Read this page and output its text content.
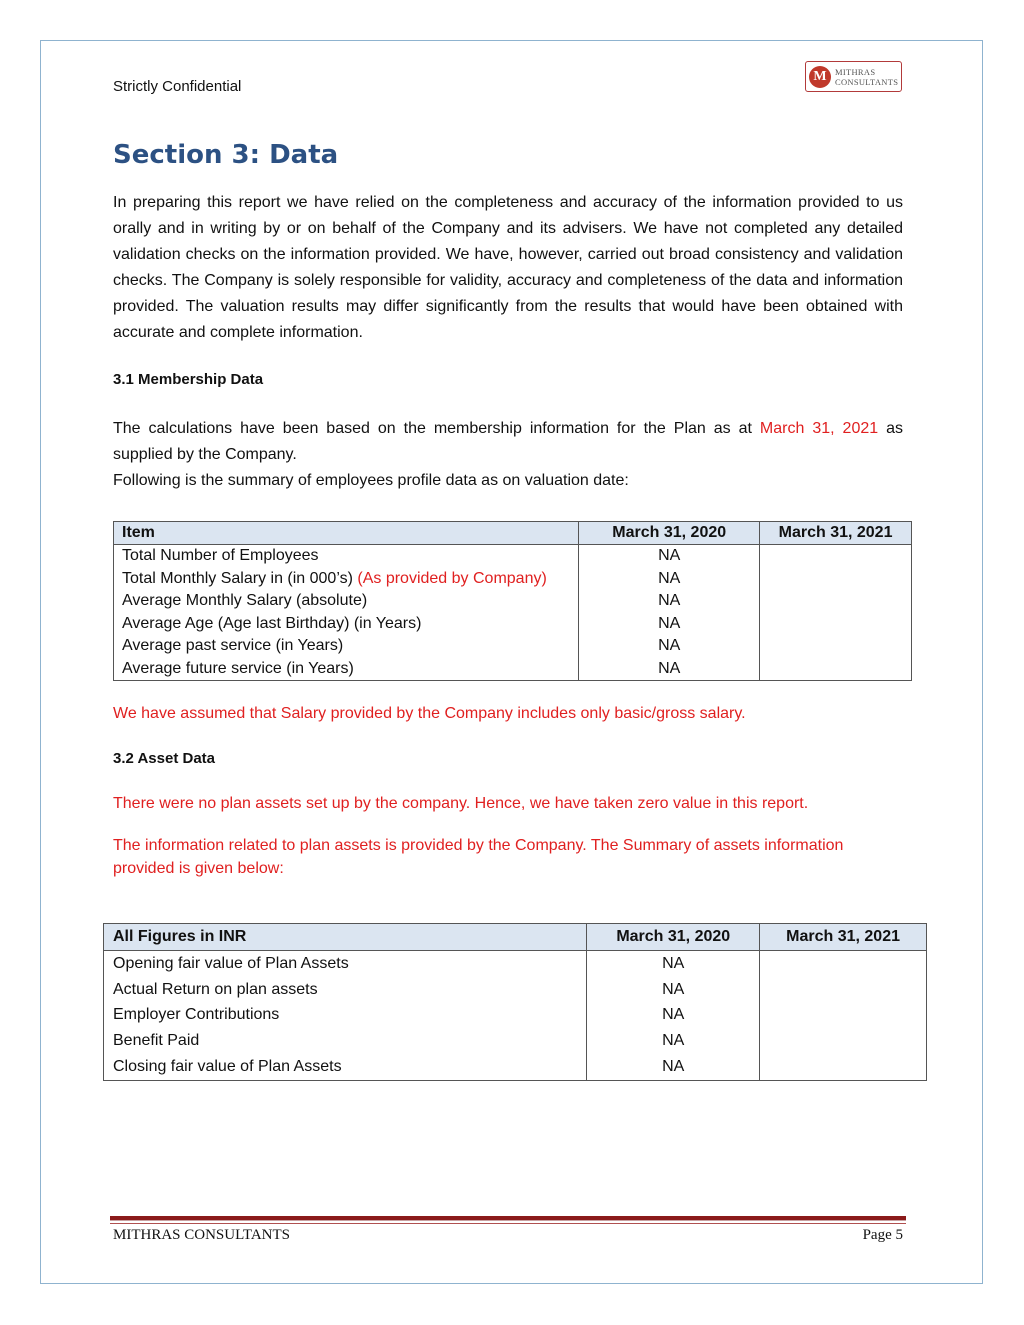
Strictly Confidential
M MITHRAS
CONSULTANTS
Section 3: Data

In preparing this report we have relied on the completeness and accuracy of the information provided to us orally and in writing by or on behalf of the Company and its advisers. We have not completed any detailed validation checks on the information provided. We have, however, carried out broad consistency and validation checks. The Company is solely responsible for validity, accuracy and completeness of the data and information provided. The valuation results may differ significantly from the results that would have been obtained with accurate and complete information.

3.1 Membership Data
The calculations have been based on the membership information for the Plan as at March 31, 2021 as supplied by the Company.
Following is the summary of employees profile data as on valuation date:
Item	March 31, 2020	March 31, 2021
Total Number of Employees	NA	
Total Monthly Salary in (in 000’s) (As provided by Company)	NA	
Average Monthly Salary (absolute)	NA	
Average Age (Age last Birthday) (in Years)	NA	
Average past service (in Years)	NA	
Average future service (in Years)	NA	
We have assumed that Salary provided by the Company includes only basic/gross salary.
3.2 Asset Data
There were no plan assets set up by the company. Hence, we have taken zero value in this report.
The information related to plan assets is provided by the Company. The Summary of assets information provided is given below:
All Figures in INR	March 31, 2020	March 31, 2021
Opening fair value of Plan Assets	NA	
Actual Return on plan assets	NA	
Employer Contributions	NA	
Benefit Paid	NA	
Closing fair value of Plan Assets	NA	
MITHRAS CONSULTANTS	Page 5
